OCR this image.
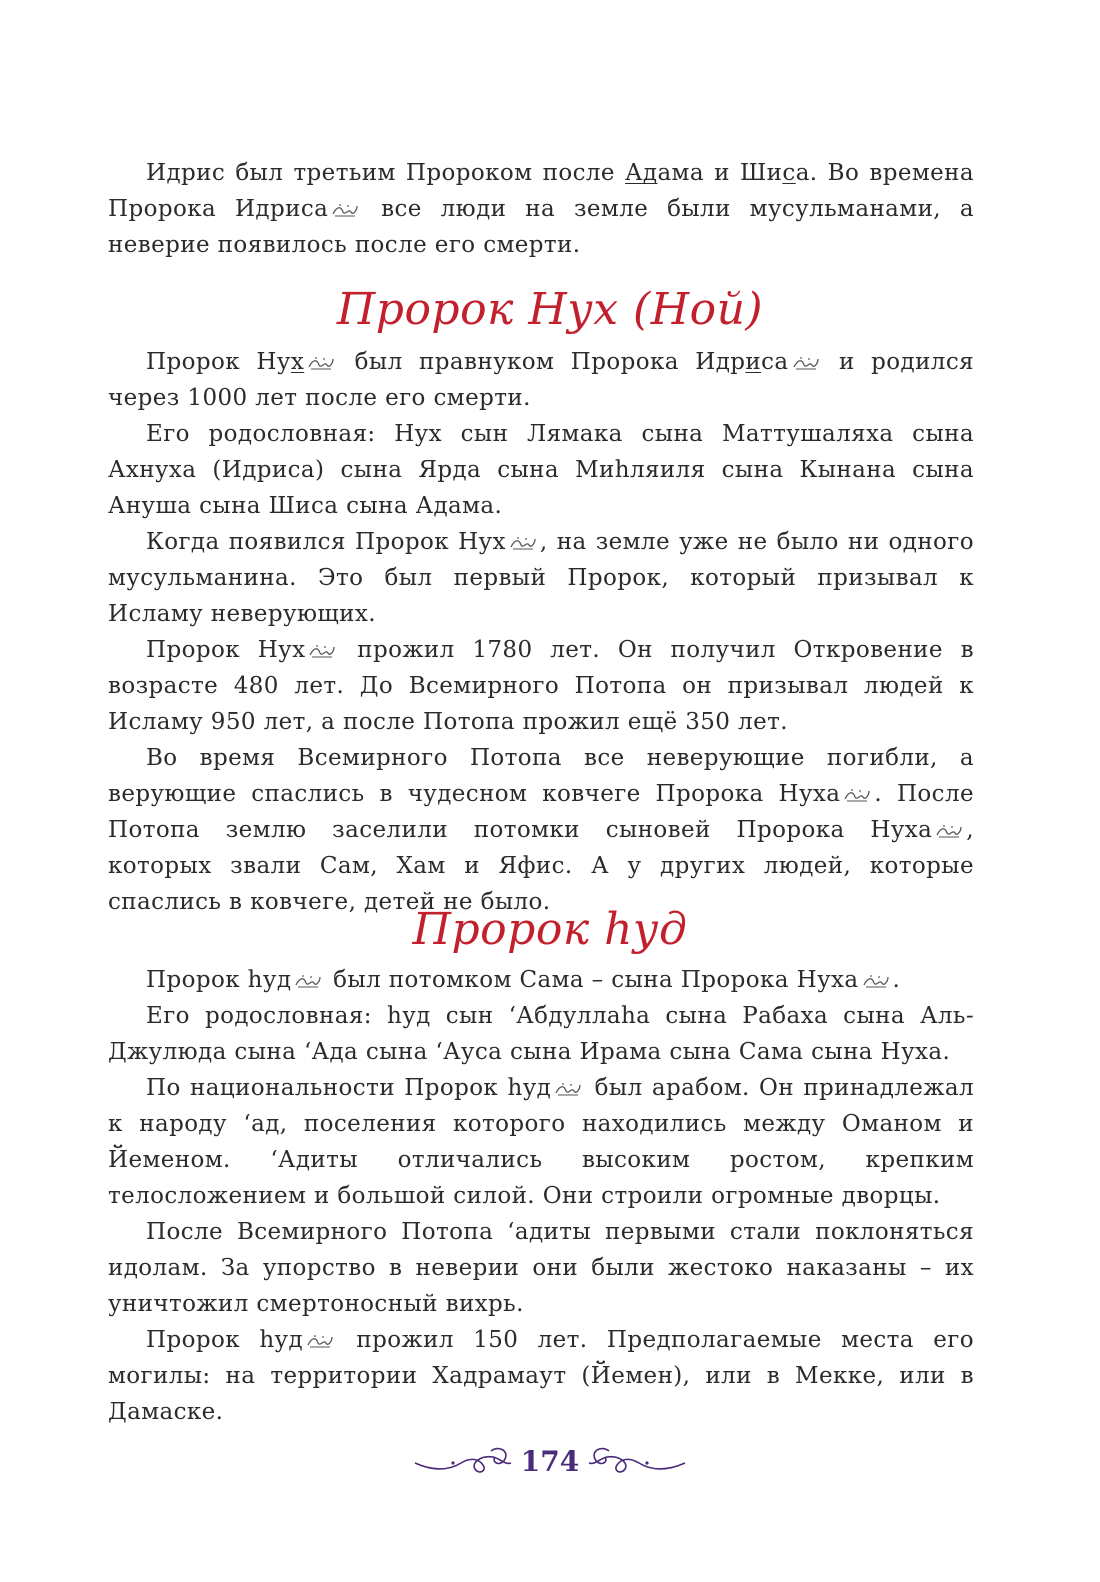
Идрис был третьим Пророком после Адама и Шиса. Во времена Пророка Идриса
все люди на земле были мусульманами, а неверие появилось после его смерти.

Пророк Нух (Ной)

Пророк Нух
был правнуком Пророка Идриса
и родился через 1000 лет после его смерти.

Его родословная: Нух сын Лямака сына Маттушаляха сына Ахнуха (Идриса) сына Ярда сына Миһляиля сына Кынана сына Ануша сына Шиса сына Адама.

Когда появился Пророк Нух , на земле уже не было ни одного мусульманина. Это был первый Пророк, который призывал к Исламу неверующих.

Пророк Нух
прожил 1780 лет. Он получил Откровение в возрасте 480 лет. До Всемирного Потопа он призывал людей к Исламу 950 лет, а после Потопа прожил ещё 350 лет.

Во время Всемирного Потопа все неверующие погибли, а верующие спаслись в чудесном ковчеге Пророка Нуха . После Потопа землю заселили потомки сыновей Пророка Нуха , которых звали Сам, Хам и Яфис. А у других людей, которые спаслись в ковчеге, детей не было.

Пророк һуд

Пророк һуд
был потомком Сама – сына Пророка Нуха .

Его родословная: һуд сын ‘Абдуллаһа сына Рабаха сына Аль-Джулюда сына ‘Ада сына ‘Ауса сына Ирама сына Сама сына Нуха.

По национальности Пророк һуд
был арабом. Он принадлежал к народу ‘ад, поселения которого находились между Оманом и Йеменом. ‘Адиты отличались высоким ростом, крепким телосложением и большой силой. Они строили огромные дворцы.

После Всемирного Потопа ‘адиты первыми стали поклоняться идолам. За упорство в неверии они были жестоко наказаны – их уничтожил смертоносный вихрь.

Пророк һуд
прожил 150 лет. Предполагаемые места его могилы: на территории Хадрамаут (Йемен), или в Мекке, или в Дамаске.

174
